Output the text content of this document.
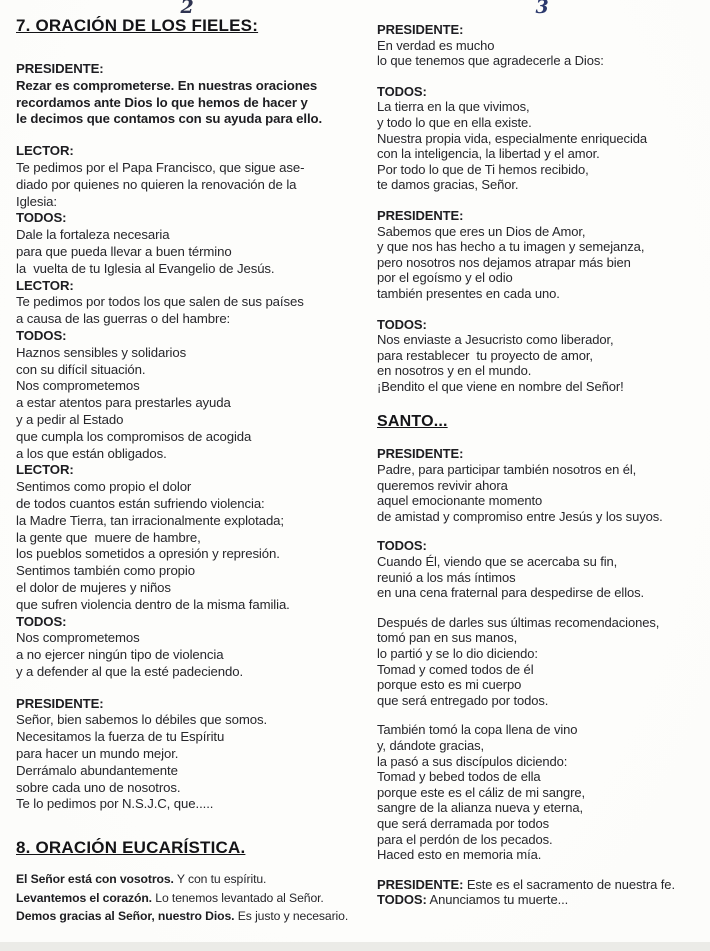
2
7. ORACIÓN DE LOS FIELES:
PRESIDENTE:
Rezar es comprometerse. En nuestras oraciones
recordamos ante Dios lo que hemos de hacer y
le decimos que contamos con su ayuda para ello.
LECTOR:
Te pedimos por el Papa Francisco, que sigue ase-
diado por quienes no quieren la renovación de la
Iglesia:
TODOS:
Dale la fortaleza necesaria
para que pueda llevar a buen término
la  vuelta de tu Iglesia al Evangelio de Jesús.
LECTOR:
Te pedimos por todos los que salen de sus países
a causa de las guerras o del hambre:
TODOS:
Haznos sensibles y solidarios
con su difícil situación.
Nos comprometemos
a estar atentos para prestarles ayuda
y a pedir al Estado
que cumpla los compromisos de acogida
a los que están obligados.
LECTOR:
Sentimos como propio el dolor
de todos cuantos están sufriendo violencia:
la Madre Tierra, tan irracionalmente explotada;
la gente que  muere de hambre,
los pueblos sometidos a opresión y represión.
Sentimos también como propio
el dolor de mujeres y niños
que sufren violencia dentro de la misma familia.
TODOS:
Nos comprometemos
a no ejercer ningún tipo de violencia
y a defender al que la esté padeciendo.
PRESIDENTE:
Señor, bien sabemos lo débiles que somos.
Necesitamos la fuerza de tu Espíritu
para hacer un mundo mejor.
Derrámalo abundantemente
sobre cada uno de nosotros.
Te lo pedimos por N.S.J.C, que.....
8. ORACIÓN EUCARÍSTICA.
El Señor está con vosotros. Y con tu espíritu.
Levantemos el corazón. Lo tenemos levantado al Señor.
Demos gracias al Señor, nuestro Dios. Es justo y necesario.
3
PRESIDENTE:
En verdad es mucho
lo que tenemos que agradecerle a Dios:
TODOS:
La tierra en la que vivimos,
y todo lo que en ella existe.
Nuestra propia vida, especialmente enriquecida
con la inteligencia, la libertad y el amor.
Por todo lo que de Ti hemos recibido,
te damos gracias, Señor.
PRESIDENTE:
Sabemos que eres un Dios de Amor,
y que nos has hecho a tu imagen y semejanza,
pero nosotros nos dejamos atrapar más bien
por el egoísmo y el odio
también presentes en cada uno.
TODOS:
Nos enviaste a Jesucristo como liberador,
para restablecer  tu proyecto de amor,
en nosotros y en el mundo.
¡Bendito el que viene en nombre del Señor!
SANTO...
PRESIDENTE:
Padre, para participar también nosotros en él,
queremos revivir ahora
aquel emocionante momento
de amistad y compromiso entre Jesús y los suyos.
TODOS:
Cuando Él, viendo que se acercaba su fin,
reunió a los más íntimos
en una cena fraternal para despedirse de ellos.
Después de darles sus últimas recomendaciones,
tomó pan en sus manos,
lo partió y se lo dio diciendo:
Tomad y comed todos de él
porque esto es mi cuerpo
que será entregado por todos.
También tomó la copa llena de vino
y, dándote gracias,
la pasó a sus discípulos diciendo:
Tomad y bebed todos de ella
porque este es el cáliz de mi sangre,
sangre de la alianza nueva y eterna,
que será derramada por todos
para el perdón de los pecados.
Haced esto en memoria mía.
PRESIDENTE: Este es el sacramento de nuestra fe.
TODOS: Anunciamos tu muerte...
